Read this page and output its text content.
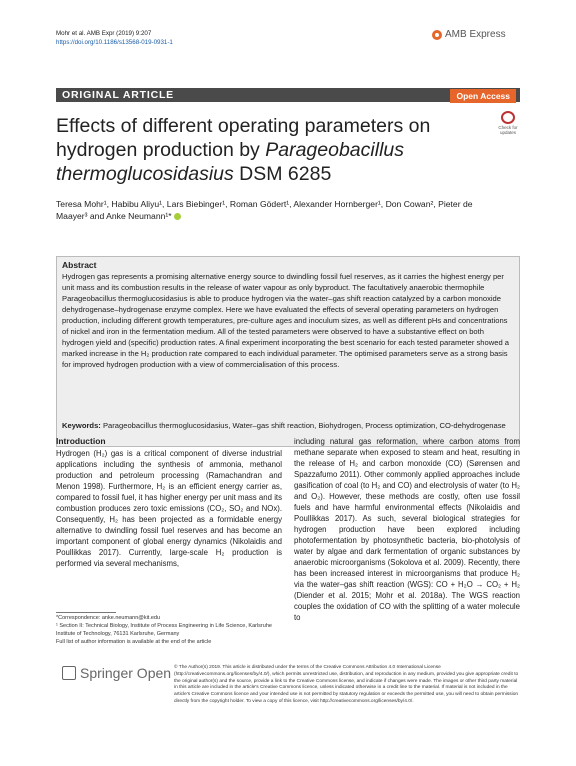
Mohr et al. AMB Expr (2019) 9:207
https://doi.org/10.1186/s13568-019-0931-1
AMB Express
ORIGINAL ARTICLE	Open Access
Effects of different operating parameters on hydrogen production by Parageobacillus thermoglucosidasius DSM 6285
Check for
updates
Teresa Mohr¹, Habibu Aliyu¹, Lars Biebinger¹, Roman Gödert¹, Alexander Hornberger¹, Don Cowan², Pieter de Maayer³ and Anke Neumann¹*
Abstract
Hydrogen gas represents a promising alternative energy source to dwindling fossil fuel reserves, as it carries the highest energy per unit mass and its combustion results in the release of water vapour as only byproduct. The facultatively anaerobic thermophile Parageobacillus thermoglucosidasius is able to produce hydrogen via the water–gas shift reaction catalyzed by a carbon monoxide dehydrogenase–hydrogenase enzyme complex. Here we have evaluated the effects of several operating parameters on hydrogen production, including different growth temperatures, pre-culture ages and inoculum sizes, as well as different pHs and concentrations of nickel and iron in the fermentation medium. All of the tested parameters were observed to have a substantive effect on both hydrogen yield and (specific) production rates. A final experiment incorporating the best scenario for each tested parameter showed a marked increase in the H₂ production rate compared to each individual parameter. The optimised parameters serve as a strong basis for improved hydrogen production with a view of commercialisation of this process.
Keywords: Parageobacillus thermoglucosidasius, Water–gas shift reaction, Biohydrogen, Process optimization, CO-dehydrogenase
Introduction
Hydrogen (H₂) gas is a critical component of diverse industrial applications including the synthesis of ammonia, methanol production and petroleum processing (Ramachandran and Menon 1998). Furthermore, H₂ is an efficient energy carrier as, compared to fossil fuel, it has higher energy per unit mass and its combustion produces zero toxic emissions (CO₂, SO₂ and NOx). Consequently, H₂ has been projected as a formidable energy alternative to dwindling fossil fuel reserves and has become an important component of global energy dynamics (Nikolaidis and Poullikkas 2017). Currently, large-scale H₂ production is performed via several mechanisms,
including natural gas reformation, where carbon atoms from methane separate when exposed to steam and heat, resulting in the release of H₂ and carbon monoxide (CO) (Sørensen and Spazzafumo 2011). Other commonly applied approaches include gasification of coal (to H₂ and CO) and electrolysis of water (to H₂ and O₂). However, these methods are costly, often use fossil fuels and have harmful environmental effects (Nikolaidis and Poullikkas 2017). As such, several biological strategies for hydrogen production have been explored including photofermentation by photosynthetic bacteria, bio-photolysis of water by algae and dark fermentation of organic substances by anaerobic microorganisms (Sokolova et al. 2009). Recently, there has been increased interest in microorganisms that produce H₂ via the water–gas shift reaction (WGS): CO + H₂O → CO₂ + H₂ (Diender et al. 2015; Mohr et al. 2018a). The WGS reaction couples the oxidation of CO with the splitting of a water molecule to
*Correspondence: anke.neumann@kit.edu
¹ Section II: Technical Biology, Institute of Process Engineering in Life Science, Karlsruhe Institute of Technology, 76131 Karlsruhe, Germany
Full list of author information is available at the end of the article
Springer Open © The Author(s) 2019. This article is distributed under the terms of the Creative Commons Attribution 4.0 International License (http://creativecommons.org/licenses/by/4.0/), which permits unrestricted use, distribution, and reproduction in any medium, provided you give appropriate credit to the original author(s) and the source, provide a link to the Creative Commons license, and indicate if changes were made. The images or other third party material in this article are included in the article's Creative Commons licence, unless indicated otherwise in a credit line to the material. If material is not included in the article's Creative Commons licence and your intended use is not permitted by statutory regulation or exceeds the permitted use, you will need to obtain permission directly from the copyright holder. To view a copy of this licence, visit http://creativecommons.org/licenses/by/4.0/.
